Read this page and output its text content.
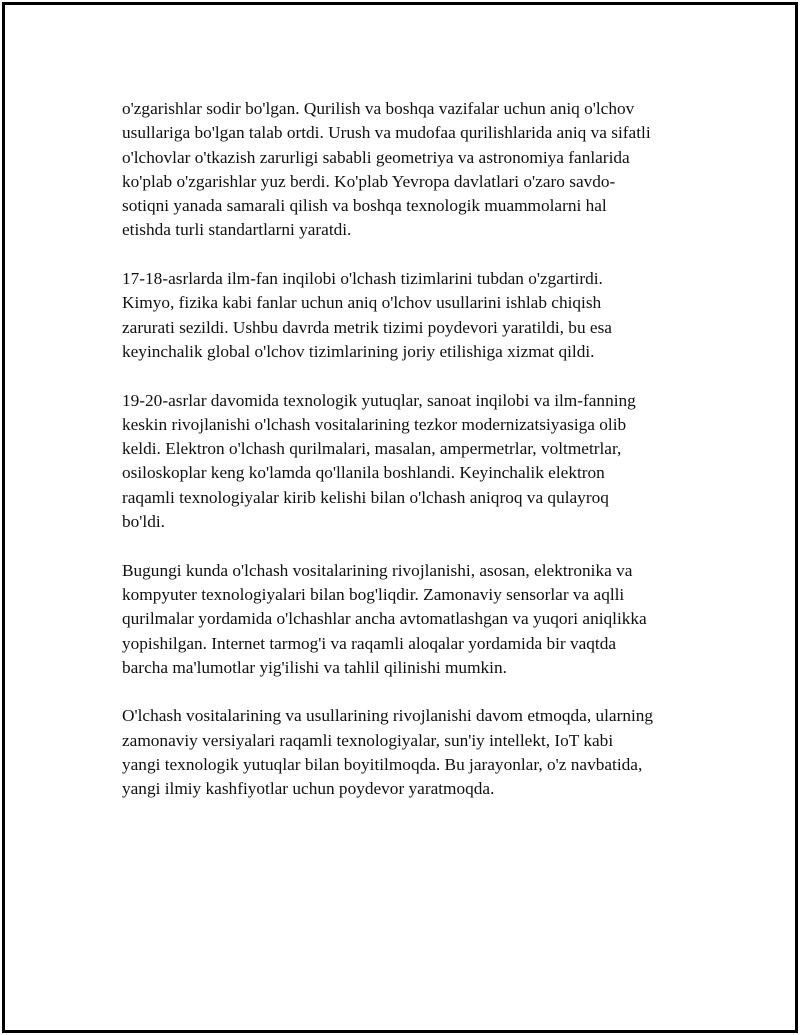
o'zgarishlar sodir bo'lgan. Qurilish va boshqa vazifalar uchun aniq o'lchov
usullariga bo'lgan talab ortdi. Urush va mudofaa qurilishlarida aniq va sifatli
o'lchovlar o'tkazish zarurligi sababli geometriya va astronomiya fanlarida
ko'plab o'zgarishlar yuz berdi. Ko'plab Yevropa davlatlari o'zaro savdo-
sotiqni yanada samarali qilish va boshqa texnologik muammolarni hal
etishda turli standartlarni yaratdi.

17-18-asrlarda ilm-fan inqilobi o'lchash tizimlarini tubdan o'zgartirdi.
Kimyo, fizika kabi fanlar uchun aniq o'lchov usullarini ishlab chiqish
zarurati sezildi. Ushbu davrda metrik tizimi poydevori yaratildi, bu esa
keyinchalik global o'lchov tizimlarining joriy etilishiga xizmat qildi.

19-20-asrlar davomida texnologik yutuqlar, sanoat inqilobi va ilm-fanning
keskin rivojlanishi o'lchash vositalarining tezkor modernizatsiyasiga olib
keldi. Elektron o'lchash qurilmalari, masalan, ampermetrlar, voltmetrlar,
osiloskoplar keng ko'lamda qo'llanila boshlandi. Keyinchalik elektron
raqamli texnologiyalar kirib kelishi bilan o'lchash aniqroq va qulayroq
bo'ldi.

Bugungi kunda o'lchash vositalarining rivojlanishi, asosan, elektronika va
kompyuter texnologiyalari bilan bog'liqdir. Zamonaviy sensorlar va aqlli
qurilmalar yordamida o'lchashlar ancha avtomatlashgan va yuqori aniqlikka
yopishilgan. Internet tarmog'i va raqamli aloqalar yordamida bir vaqtda
barcha ma'lumotlar yig'ilishi va tahlil qilinishi mumkin.

O'lchash vositalarining va usullarining rivojlanishi davom etmoqda, ularning
zamonaviy versiyalari raqamli texnologiyalar, sun'iy intellekt, IoT kabi
yangi texnologik yutuqlar bilan boyitilmoqda. Bu jarayonlar, o'z navbatida,
yangi ilmiy kashfiyotlar uchun poydevor yaratmoqda.
